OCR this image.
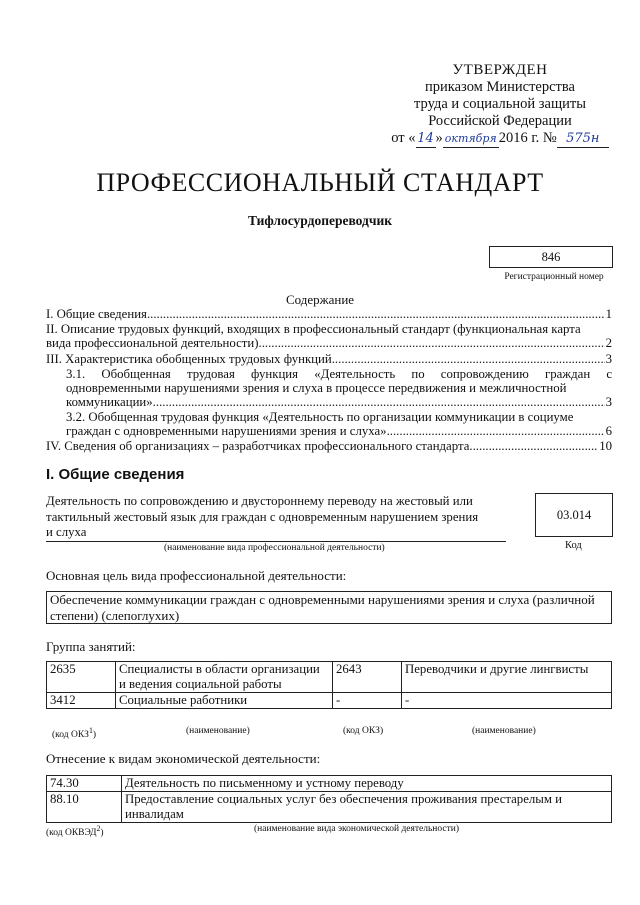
УТВЕРЖДЕН
приказом Министерства
труда и социальной защиты
Российской Федерации
от « 14 » октября 2016 г. № 575н
ПРОФЕССИОНАЛЬНЫЙ СТАНДАРТ
Тифлосурдопереводчик
846
Регистрационный номер
Содержание
I. Общие сведения .....	1
II. Описание трудовых функций, входящих в профессиональный стандарт (функциональная карта
вида профессиональной деятельности) .....	2
III. Характеристика обобщенных трудовых функций .....	3
3.1. Обобщенная трудовая функция «Деятельность по сопровождению граждан с
одновременными нарушениями зрения и слуха в процессе передвижения и межличностной
коммуникации» .....	3
3.2. Обобщенная трудовая функция «Деятельность по организации коммуникации в социуме
граждан с одновременными нарушениями зрения и слуха» .....	6
IV. Сведения об организациях – разработчиках профессионального стандарта .....	10
I. Общие сведения
Деятельность по сопровождению и двустороннему переводу на жестовый или
тактильный жестовый язык для граждан с одновременным нарушением зрения
и слуха
(наименование вида профессиональной деятельности)
03.014
Код
Основная цель вида профессиональной деятельности:
Обеспечение коммуникации граждан с одновременными нарушениями зрения и слуха (различной
степени) (слепоглухих)
Группа занятий:
2635	Специалисты в области организации и ведения социальной работы	2643	Переводчики и другие лингвисты
3412	Социальные работники	-	-
(код ОКЗ$^1$)	(наименование)	(код ОКЗ)	(наименование)
Отнесение к видам экономической деятельности:
74.30	Деятельность по письменному и устному переводу
88.10	Предоставление социальных услуг без обеспечения проживания престарелым и инвалидам
(код ОКВЭД$^2$)	(наименование вида экономической деятельности)
